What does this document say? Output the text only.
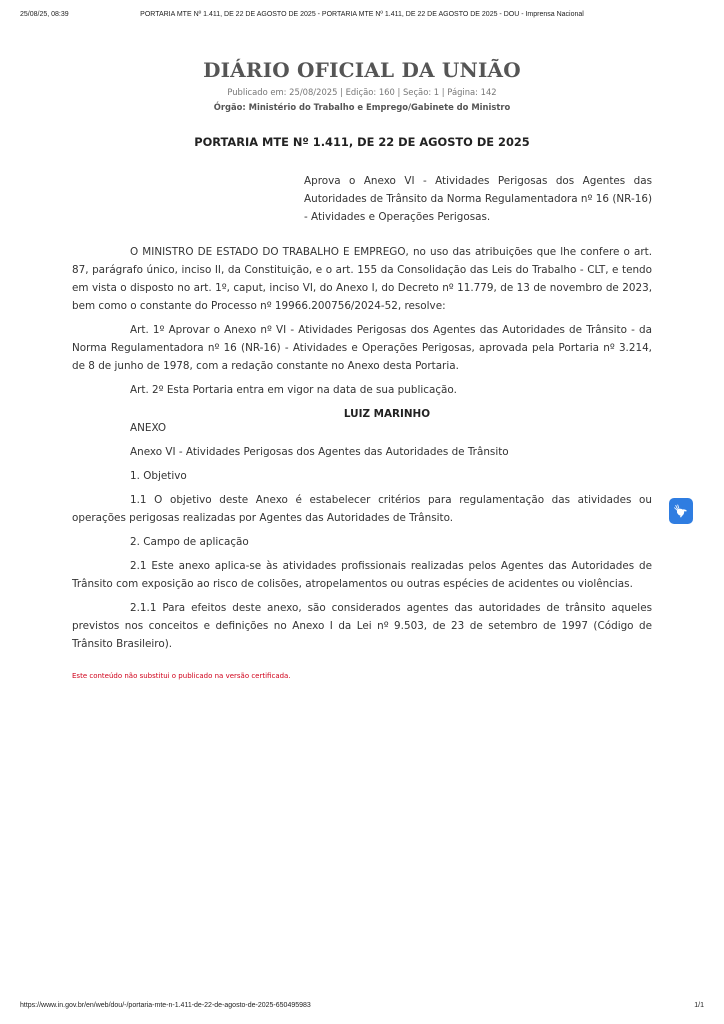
25/08/25, 08:39	PORTARIA MTE Nº 1.411, DE 22 DE AGOSTO DE 2025 - PORTARIA MTE Nº 1.411, DE 22 DE AGOSTO DE 2025 - DOU - Imprensa Nacional
DIÁRIO OFICIAL DA UNIÃO
Publicado em: 25/08/2025 | Edição: 160 | Seção: 1 | Página: 142
Órgão: Ministério do Trabalho e Emprego/Gabinete do Ministro
PORTARIA MTE Nº 1.411, DE 22 DE AGOSTO DE 2025
Aprova o Anexo VI - Atividades Perigosas dos Agentes das Autoridades de Trânsito da Norma Regulamentadora nº 16 (NR-16) - Atividades e Operações Perigosas.

O MINISTRO DE ESTADO DO TRABALHO E EMPREGO, no uso das atribuições que lhe confere o art. 87, parágrafo único, inciso II, da Constituição, e o art. 155 da Consolidação das Leis do Trabalho - CLT, e tendo em vista o disposto no art. 1º, caput, inciso VI, do Anexo I, do Decreto nº 11.779, de 13 de novembro de 2023, bem como o constante do Processo nº 19966.200756/2024-52, resolve:

Art. 1º Aprovar o Anexo nº VI - Atividades Perigosas dos Agentes das Autoridades de Trânsito - da Norma Regulamentadora nº 16 (NR-16) - Atividades e Operações Perigosas, aprovada pela Portaria nº 3.214, de 8 de junho de 1978, com a redação constante no Anexo desta Portaria.

Art. 2º Esta Portaria entra em vigor na data de sua publicação.

LUIZ MARINHO

ANEXO

Anexo VI - Atividades Perigosas dos Agentes das Autoridades de Trânsito

1. Objetivo

1.1 O objetivo deste Anexo é estabelecer critérios para regulamentação das atividades ou operações perigosas realizadas por Agentes das Autoridades de Trânsito.

2. Campo de aplicação

2.1 Este anexo aplica-se às atividades profissionais realizadas pelos Agentes das Autoridades de Trânsito com exposição ao risco de colisões, atropelamentos ou outras espécies de acidentes ou violências.

2.1.1 Para efeitos deste anexo, são considerados agentes das autoridades de trânsito aqueles previstos nos conceitos e definições no Anexo I da Lei nº 9.503, de 23 de setembro de 1997 (Código de Trânsito Brasileiro).

Este conteúdo não substitui o publicado na versão certificada.

https://www.in.gov.br/en/web/dou/-/portaria-mte-n-1.411-de-22-de-agosto-de-2025-650495983	1/1
